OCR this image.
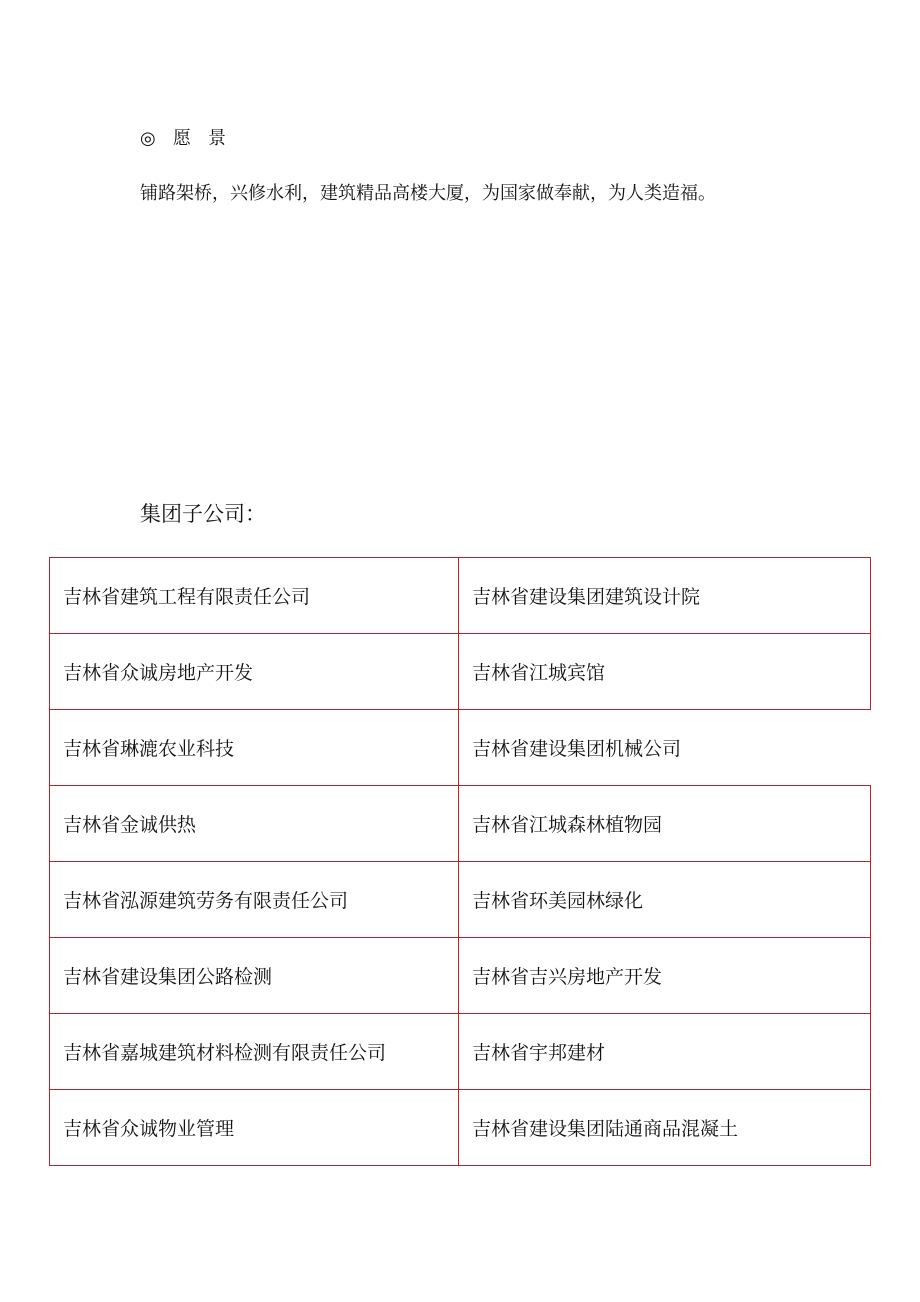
◎   愿   景

铺路架桥，兴修水利，建筑精品高楼大厦，为国家做奉献，为人类造福。

集团子公司：

吉林省建筑工程有限责任公司	吉林省建设集团建筑设计院
吉林省众诚房地产开发	吉林省江城宾馆
吉林省琳漉农业科技	吉林省建设集团机械公司
吉林省金诚供热	吉林省江城森林植物园
吉林省泓源建筑劳务有限责任公司	吉林省环美园林绿化
吉林省建设集团公路检测	吉林省吉兴房地产开发
吉林省嘉城建筑材料检测有限责任公司	吉林省宇邦建材
吉林省众诚物业管理	吉林省建设集团陆通商品混凝土
